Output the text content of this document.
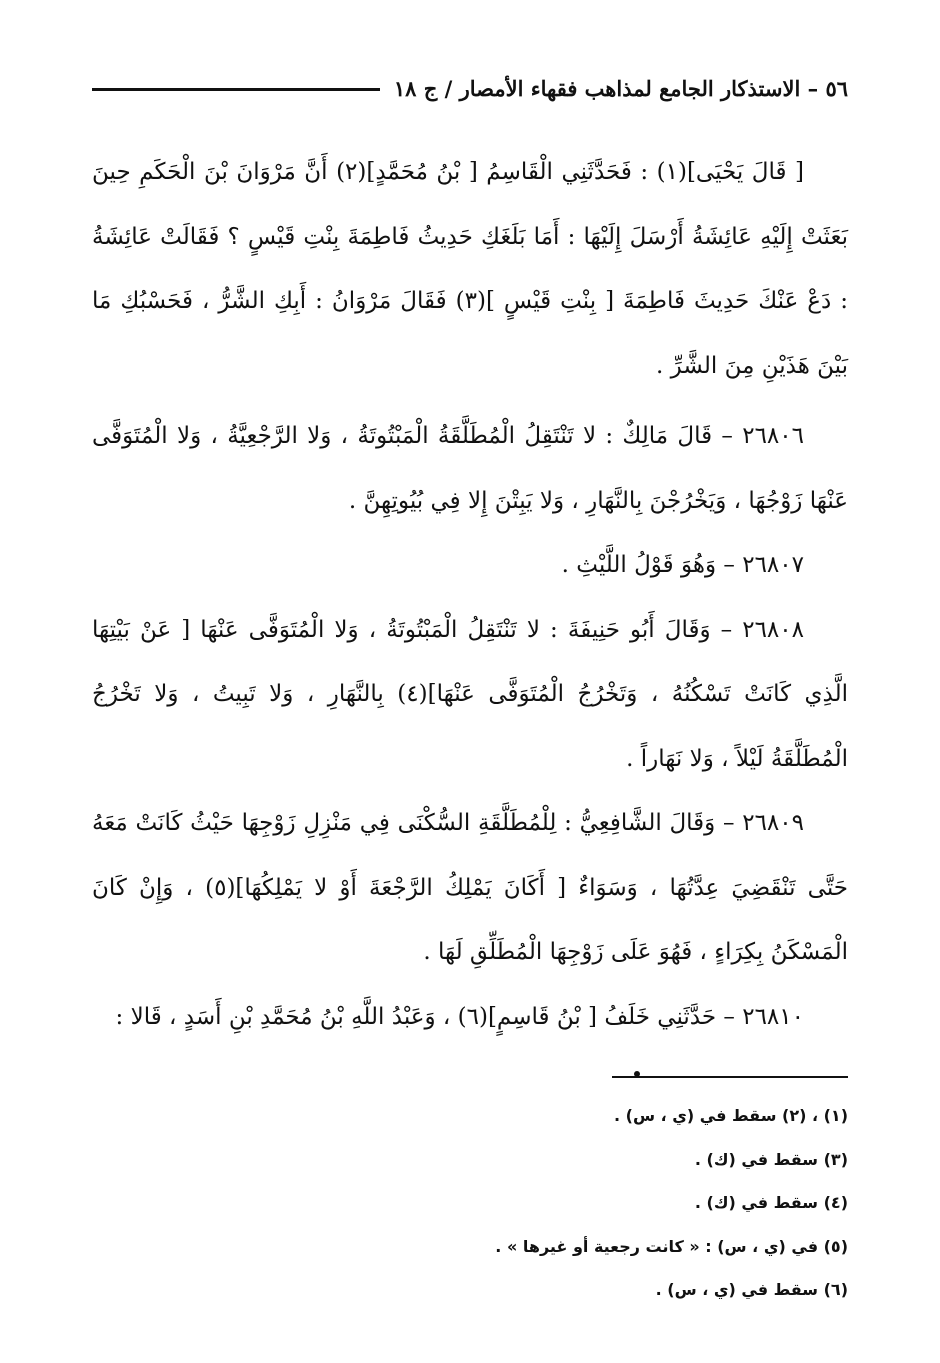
٥٦ – الاستذكار الجامع لمذاهب فقهاء الأمصار / ج ١٨

[ قَالَ يَحْيَى](١) : فَحَدَّثَنِي الْقَاسِمُ [ بْنُ مُحَمَّدٍ](٢) أَنَّ مَرْوَانَ بْنَ الْحَكَمِ حِينَ بَعَثَتْ إِلَيْهِ عَائِشَةُ أَرْسَلَ إِلَيْهَا : أَمَا بَلَغَكِ حَدِيثُ فَاطِمَةَ بِنْتِ قَيْسٍ ؟ فَقَالَتْ عَائِشَةُ : دَعْ عَنْكَ حَدِيثَ فَاطِمَةَ [ بِنْتِ قَيْسٍ ](٣) فَقَالَ مَرْوَانُ : أَبِكِ الشَّرُّ ، فَحَسْبُكِ مَا بَيْنَ هَذَيْنِ مِنَ الشَّرِّ .

٢٦٨٠٦ – قَالَ مَالِكٌ : لا تَنْتَقِلُ الْمُطَلَّقَةُ الْمَبْتُوتَةُ ، وَلا الرَّجْعِيَّةُ ، وَلا الْمُتَوَفَّى عَنْهَا زَوْجُهَا ، وَيَخْرُجْنَ بِالنَّهَارِ ، وَلا يَبِتْنَ إِلا فِي بُيُوتِهِنَّ .

٢٦٨٠٧ – وَهُوَ قَوْلُ اللَّيْثِ .

٢٦٨٠٨ – وَقَالَ أَبُو حَنِيفَةَ : لا تَنْتَقِلُ الْمَبْتُوتَةُ ، وَلا الْمُتَوَفَّى عَنْهَا [ عَنْ بَيْتِهَا الَّذِي كَانَتْ تَسْكُنُهُ ، وَتَخْرُجُ الْمُتَوَفَّى عَنْهَا](٤) بِالنَّهَارِ ، وَلا تَبِيتُ ، وَلا تَخْرُجُ الْمُطَلَّقَةُ لَيْلاً ، وَلا نَهَاراً .

٢٦٨٠٩ – وَقَالَ الشَّافِعِيُّ : لِلْمُطَلَّقَةِ السُّكْنَى فِي مَنْزِلِ زَوْجِهَا حَيْثُ كَانَتْ مَعَهُ حَتَّى تَنْقَضِيَ عِدَّتُهَا ، وَسَوَاءٌ [ أَكَانَ يَمْلِكُ الرَّجْعَةَ أَوْ لا يَمْلِكُهَا](٥) ، وَإِنْ كَانَ الْمَسْكَنُ بِكِرَاءٍ ، فَهُوَ عَلَى زَوْجِهَا الْمُطَلِّقِ لَهَا .

٢٦٨١٠ – حَدَّثَنِي خَلَفُ [ بْنُ قَاسِمٍ](٦) ، وَعَبْدُ اللَّهِ بْنُ مُحَمَّدِ بْنِ أَسَدٍ ، قَالا :

(١) ، (٢) سقط في (ي ، س) .

(٣) سقط في (ك) .

(٤) سقط في (ك) .

(٥) في (ي ، س) : « كانت رجعية أو غيرها » .

(٦) سقط في (ي ، س) .
